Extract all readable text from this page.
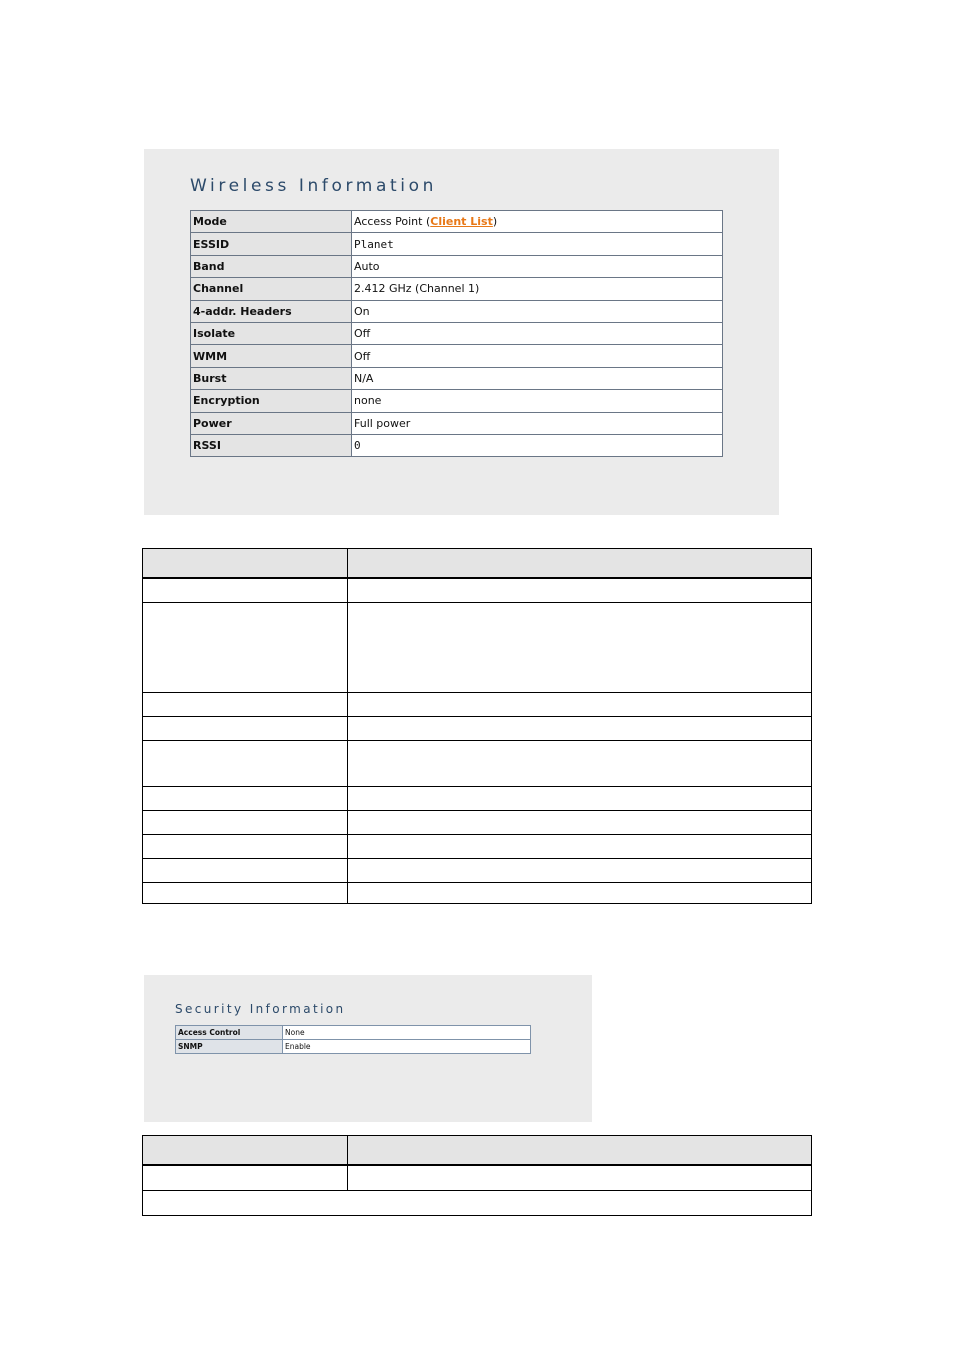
Wireless Information
Mode	Access Point (Client List)
ESSID	Planet
Band	Auto
Channel	2.412 GHz (Channel 1)
4-addr. Headers	On
Isolate	Off
WMM	Off
Burst	N/A
Encryption	none
Power	Full power
RSSI	0
Security Information
Access Control	None
SNMP	Enable
